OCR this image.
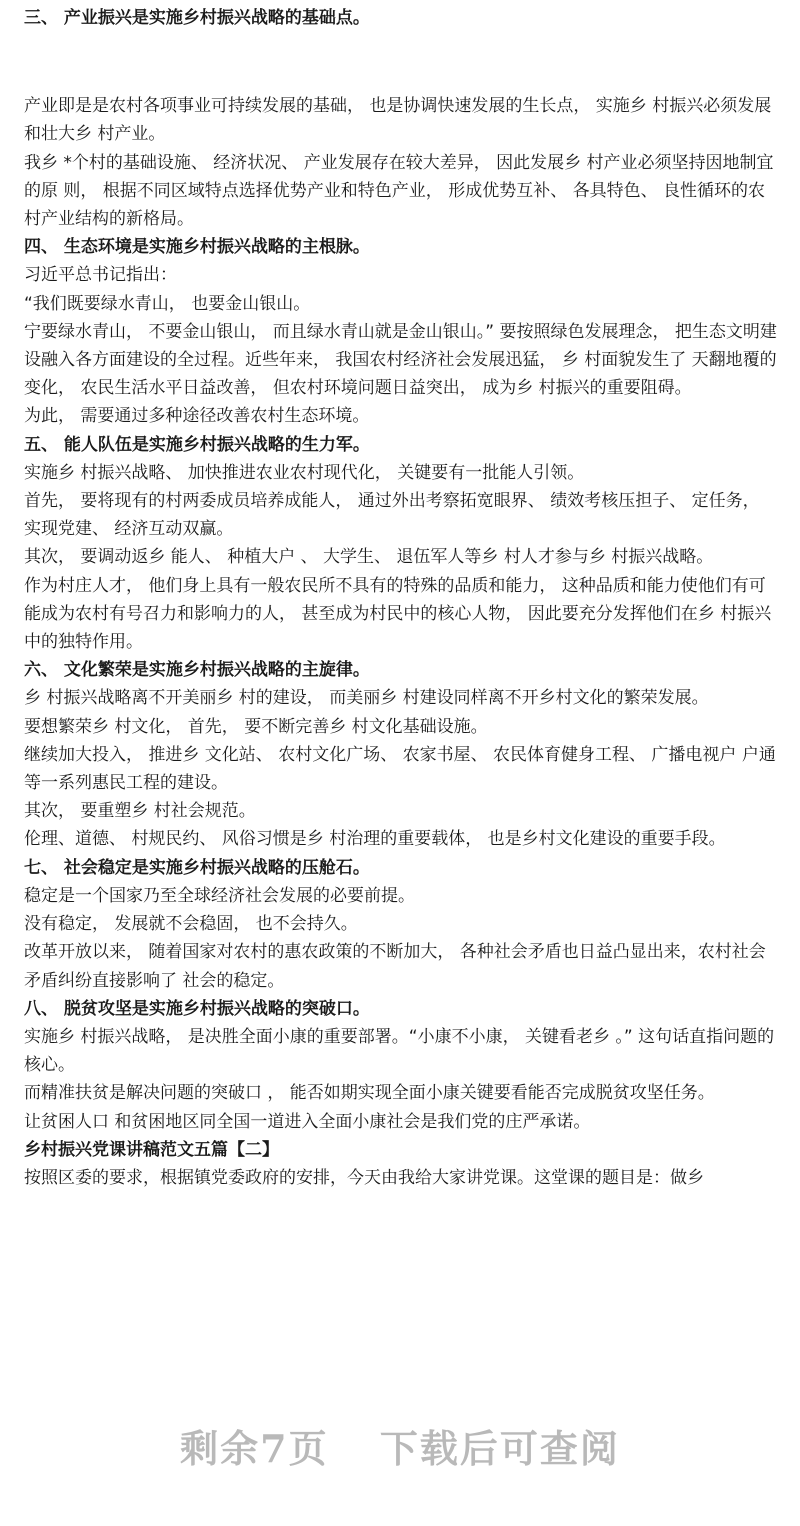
三、 产业振兴是实施乡村振兴战略的基础点。
产业即是是农村各项事业可持续发展的基础， 也是协调快速发展的生长点， 实施乡 村振兴必须发展和壮大乡 村产业。
我乡 *个村的基础设施、 经济状况、 产业发展存在较大差异， 因此发展乡 村产业必须坚持因地制宜的原 则， 根据不同区域特点选择优势产业和特色产业， 形成优势互补、 各具特色、 良性循环的农村产业结构的新格局。
四、 生态环境是实施乡村振兴战略的主根脉。
习近平总书记指出：
“我们既要绿水青山， 也要金山银山。
宁要绿水青山， 不要金山银山， 而且绿水青山就是金山银山。” 要按照绿色发展理念， 把生态文明建设融入各方面建设的全过程。近些年来， 我国农村经济社会发展迅猛， 乡 村面貌发生了 天翻地覆的变化， 农民生活水平日益改善， 但农村环境问题日益突出， 成为乡 村振兴的重要阻碍。
为此， 需要通过多种途径改善农村生态环境。
五、 能人队伍是实施乡村振兴战略的生力军。
实施乡 村振兴战略、 加快推进农业农村现代化， 关键要有一批能人引领。
首先， 要将现有的村两委成员培养成能人， 通过外出考察拓宽眼界、 绩效考核压担子、 定任务， 实现党建、 经济互动双赢。
其次， 要调动返乡 能人、 种植大户 、 大学生、 退伍军人等乡 村人才参与乡 村振兴战略。
作为村庄人才， 他们身上具有一般农民所不具有的特殊的品质和能力， 这种品质和能力使他们有可能成为农村有号召力和影响力的人， 甚至成为村民中的核心人物， 因此要充分发挥他们在乡 村振兴中的独特作用。
六、 文化繁荣是实施乡村振兴战略的主旋律。
乡 村振兴战略离不开美丽乡 村的建设， 而美丽乡 村建设同样离不开乡村文化的繁荣发展。
要想繁荣乡 村文化， 首先， 要不断完善乡 村文化基础设施。
继续加大投入， 推进乡 文化站、 农村文化广场、 农家书屋、 农民体育健身工程、 广播电视户 户通等一系列惠民工程的建设。
其次， 要重塑乡 村社会规范。
伦理、道德、 村规民约、 风俗习惯是乡 村治理的重要载体， 也是乡村文化建设的重要手段。
七、 社会稳定是实施乡村振兴战略的压舱石。
稳定是一个国家乃至全球经济社会发展的必要前提。
没有稳定， 发展就不会稳固， 也不会持久。
改革开放以来， 随着国家对农村的惠农政策的不断加大， 各种社会矛盾也日益凸显出来，农村社会矛盾纠纷直接影响了 社会的稳定。
八、 脱贫攻坚是实施乡村振兴战略的突破口。
实施乡 村振兴战略， 是决胜全面小康的重要部署。“小康不小康， 关键看老乡 。” 这句话直指问题的核心。
而精准扶贫是解决问题的突破口 ， 能否如期实现全面小康关键要看能否完成脱贫攻坚任务。
让贫困人口 和贫困地区同全国一道进入全面小康社会是我们党的庄严承诺。
乡村振兴党课讲稿范文五篇【二】
按照区委的要求，根据镇党委政府的安排，今天由我给大家讲党课。这堂课的题目是：做乡
剩余7页 下载后可查阅
